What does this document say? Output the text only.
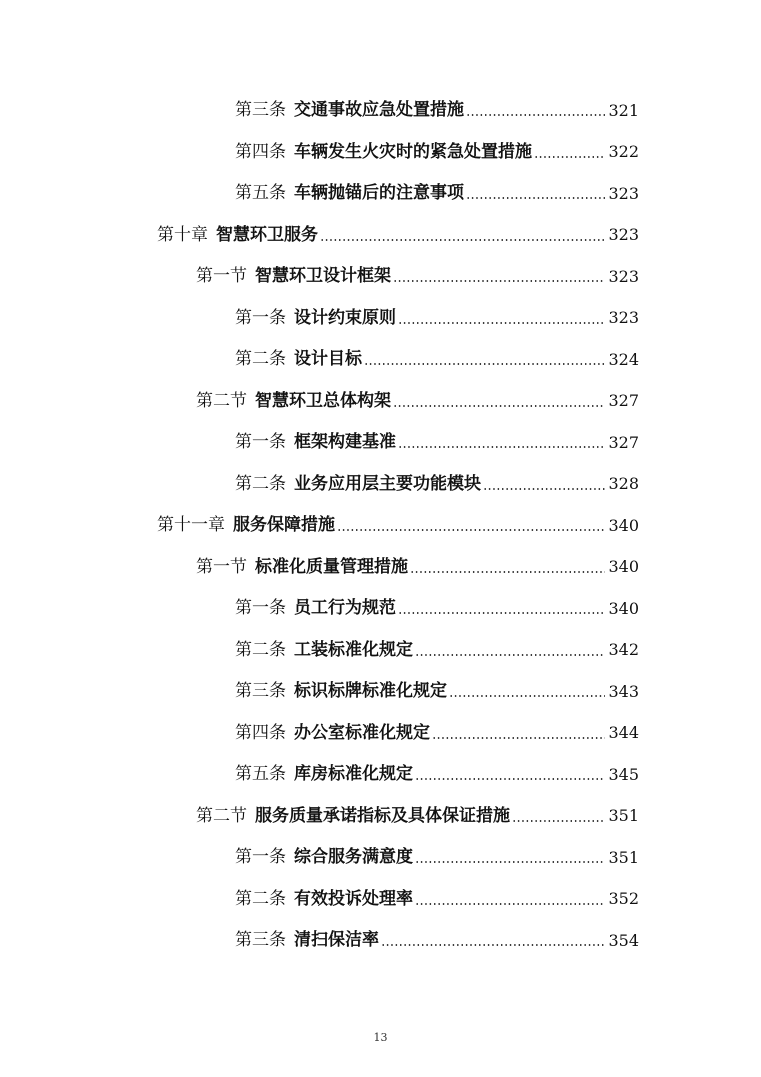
第三条 交通事故应急处置措施	321
第四条 车辆发生火灾时的紧急处置措施	322
第五条 车辆抛锚后的注意事项	323
第十章 智慧环卫服务	323
第一节 智慧环卫设计框架	323
第一条 设计约束原则	323
第二条 设计目标	324
第二节 智慧环卫总体构架	327
第一条 框架构建基准	327
第二条 业务应用层主要功能模块	328
第十一章 服务保障措施	340
第一节 标准化质量管理措施	340
第一条 员工行为规范	340
第二条 工装标准化规定	342
第三条 标识标牌标准化规定	343
第四条 办公室标准化规定	344
第五条 库房标准化规定	345
第二节 服务质量承诺指标及具体保证措施	351
第一条 综合服务满意度	351
第二条 有效投诉处理率	352
第三条 清扫保洁率	354
13
